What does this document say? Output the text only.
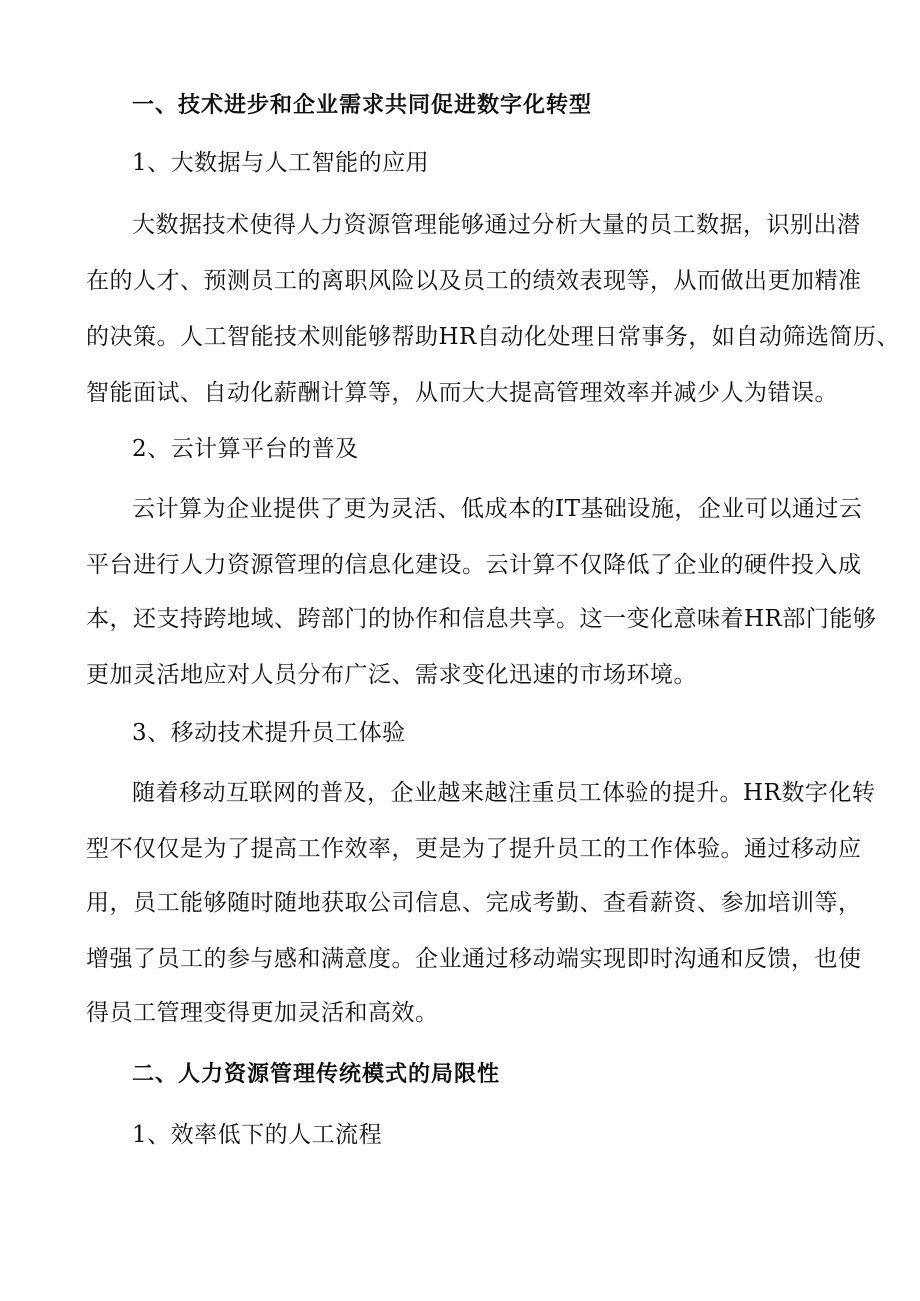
一、技术进步和企业需求共同促进数字化转型
1、大数据与人工智能的应用
大数据技术使得人力资源管理能够通过分析大量的员工数据，识别出潜
在的人才、预测员工的离职风险以及员工的绩效表现等，从而做出更加精准
的决策。人工智能技术则能够帮助HR自动化处理日常事务，如自动筛选简历、
智能面试、自动化薪酬计算等，从而大大提高管理效率并减少人为错误。
2、云计算平台的普及
云计算为企业提供了更为灵活、低成本的IT基础设施，企业可以通过云
平台进行人力资源管理的信息化建设。云计算不仅降低了企业的硬件投入成
本，还支持跨地域、跨部门的协作和信息共享。这一变化意味着HR部门能够
更加灵活地应对人员分布广泛、需求变化迅速的市场环境。
3、移动技术提升员工体验
随着移动互联网的普及，企业越来越注重员工体验的提升。HR数字化转
型不仅仅是为了提高工作效率，更是为了提升员工的工作体验。通过移动应
用，员工能够随时随地获取公司信息、完成考勤、查看薪资、参加培训等，
增强了员工的参与感和满意度。企业通过移动端实现即时沟通和反馈，也使
得员工管理变得更加灵活和高效。
二、人力资源管理传统模式的局限性
1、效率低下的人工流程
